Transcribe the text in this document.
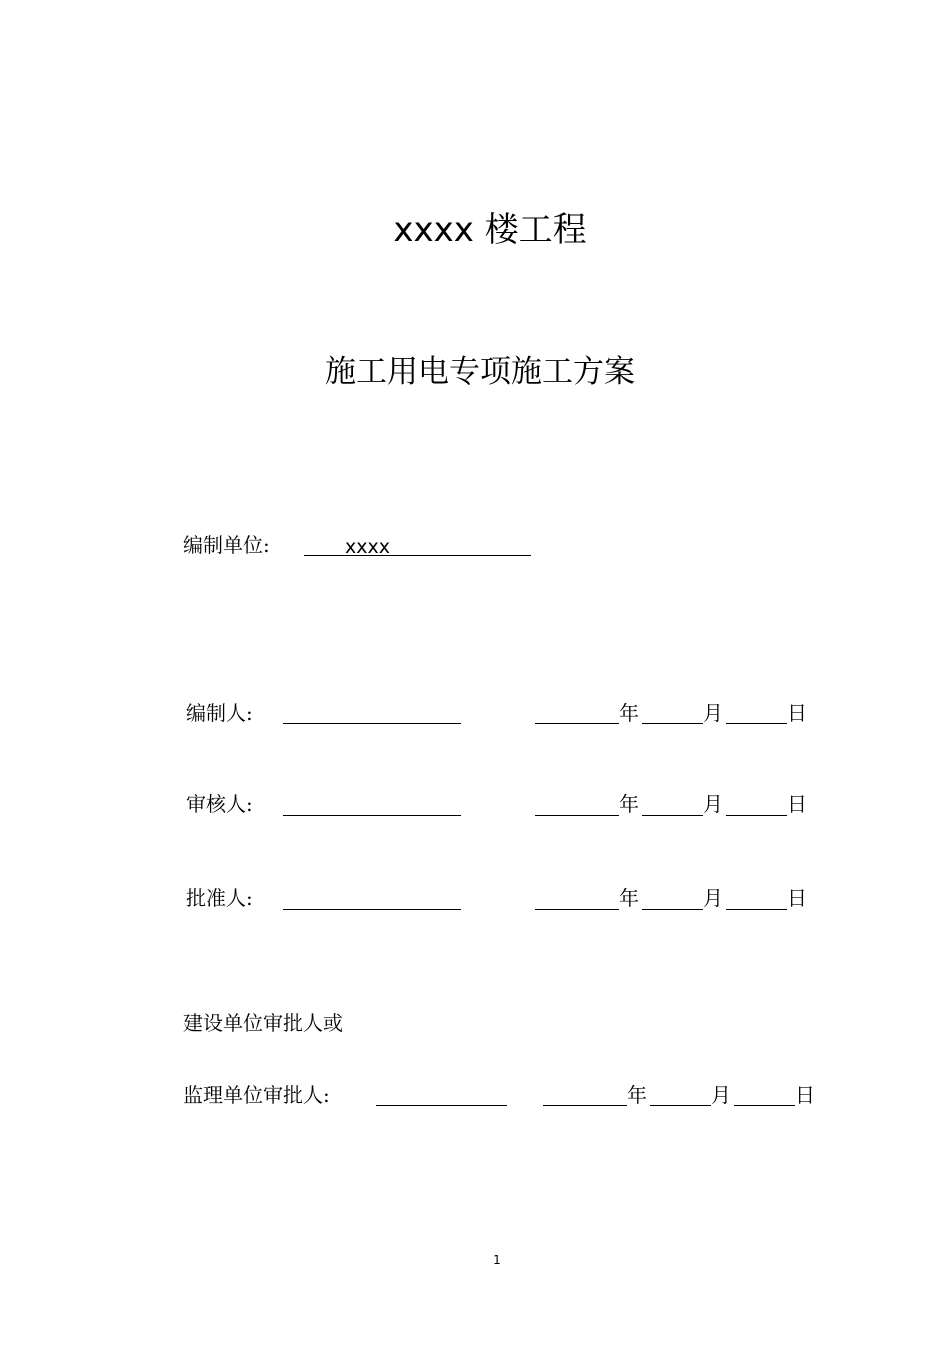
xxxx 楼工程
施工用电专项施工方案
编制单位:	xxxx
编制人:	年	月	日
审核人:	年	月	日
批准人:	年	月	日
建设单位审批人或
监理单位审批人:	年	月	日
1
